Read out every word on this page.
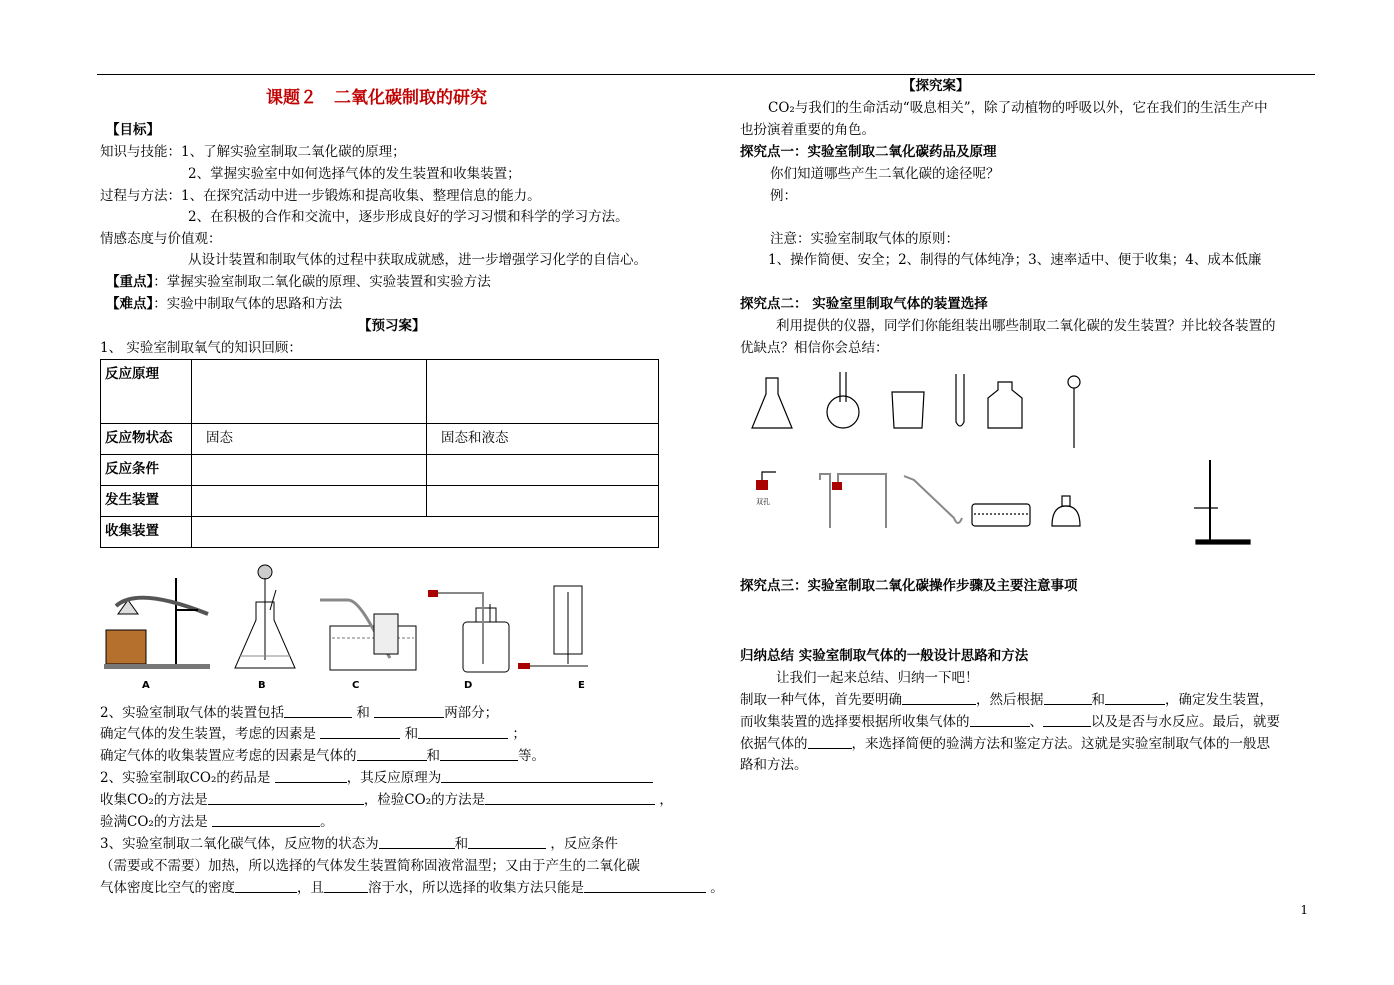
课题２　二氧化碳制取的研究
【目标】
知识与技能：1、了解实验室制取二氧化碳的原理；
2、掌握实验室中如何选择气体的发生装置和收集装置；
过程与方法：1、在探究活动中进一步锻炼和提高收集、整理信息的能力。
2、在积极的合作和交流中，逐步形成良好的学习习惯和科学的学习方法。
情感态度与价值观：
从设计装置和制取气体的过程中获取成就感，进一步增强学习化学的自信心。
【重点】：掌握实验室制取二氧化碳的原理、实验装置和实验方法
【难点】：实验中制取气体的思路和方法
【预习案】
1、 实验室制取氧气的知识回顾：
反应原理		
反应物状态	固态	固态和液态
反应条件		
发生装置		
收集装置		
A	B	C	D	E
2、实验室制取气体的装置包括	和	两部分；
确定气体的发生装置，考虑的因素是	和	；
确定气体的收集装置应考虑的因素是气体的	和	等。
2、实验室制取CO₂的药品是	，其反应原理为
收集CO₂的方法是	，检验CO₂的方法是	，
验满CO₂的方法是	。
3、实验室制取二氧化碳气体，反应物的状态为	和	，反应条件
（需要或不需要）加热，所以选择的气体发生装置简称固液常温型；又由于产生的二氧化碳
气体密度比空气的密度	，且	溶于水，所以选择的收集方法只能是	。
【探究案】
CO₂与我们的生命活动“吸息相关”，除了动植物的呼吸以外，它在我们的生活生产中
也扮演着重要的角色。
探究点一：实验室制取二氧化碳药品及原理
你们知道哪些产生二氧化碳的途径呢？
例：
注意：实验室制取气体的原则：
1、操作简便、安全；2、制得的气体纯净；3、速率适中、便于收集；4、成本低廉
探究点二： 实验室里制取气体的装置选择
利用提供的仪器，同学们你能组装出哪些制取二氧化碳的发生装置？并比较各装置的
优缺点？相信你会总结：
双孔
探究点三：实验室制取二氧化碳操作步骤及主要注意事项
归纳总结 实验室制取气体的一般设计思路和方法
让我们一起来总结、归纳一下吧！
制取一种气体，首先要明确	，然后根据	和	，确定发生装置，
而收集装置的选择要根据所收集气体的	、	以及是否与水反应。最后，就要
依据气体的	，来选择简便的验满方法和鉴定方法。这就是实验室制取气体的一般思
路和方法。
1
